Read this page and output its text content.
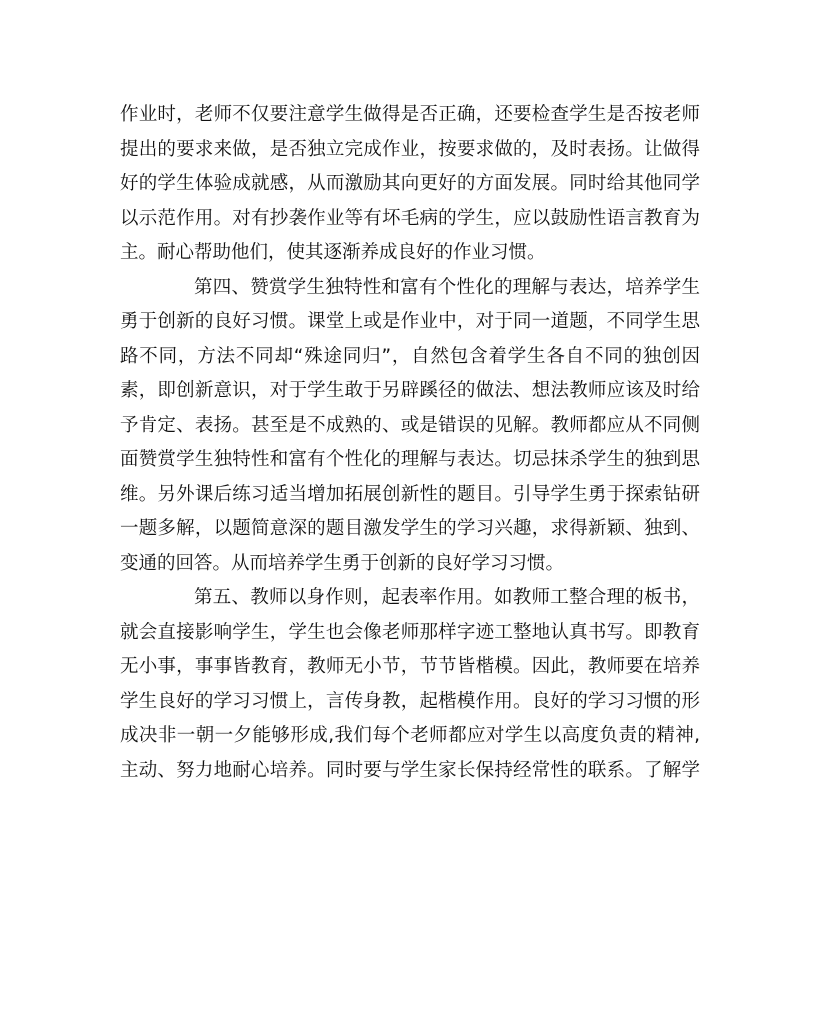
作业时，老师不仅要注意学生做得是否正确，还要检查学生是否按老师
提出的要求来做，是否独立完成作业，按要求做的，及时表扬。让做得
好的学生体验成就感，从而激励其向更好的方面发展。同时给其他同学
以示范作用。对有抄袭作业等有坏毛病的学生，应以鼓励性语言教育为
主。耐心帮助他们，使其逐渐养成良好的作业习惯。
第四、赞赏学生独特性和富有个性化的理解与表达，培养学生
勇于创新的良好习惯。课堂上或是作业中，对于同一道题，不同学生思
路不同，方法不同却“殊途同归”，自然包含着学生各自不同的独创因
素，即创新意识，对于学生敢于另辟蹊径的做法、想法教师应该及时给
予肯定、表扬。甚至是不成熟的、或是错误的见解。教师都应从不同侧
面赞赏学生独特性和富有个性化的理解与表达。切忌抹杀学生的独到思
维。另外课后练习适当增加拓展创新性的题目。引导学生勇于探索钻研
一题多解，以题简意深的题目激发学生的学习兴趣，求得新颖、独到、
变通的回答。从而培养学生勇于创新的良好学习习惯。
第五、教师以身作则，起表率作用。如教师工整合理的板书，
就会直接影响学生，学生也会像老师那样字迹工整地认真书写。即教育
无小事，事事皆教育，教师无小节，节节皆楷模。因此，教师要在培养
学生良好的学习习惯上，言传身教，起楷模作用。良好的学习习惯的形
成决非一朝一夕能够形成,我们每个老师都应对学生以高度负责的精神,
主动、努力地耐心培养。同时要与学生家长保持经常性的联系。了解学
